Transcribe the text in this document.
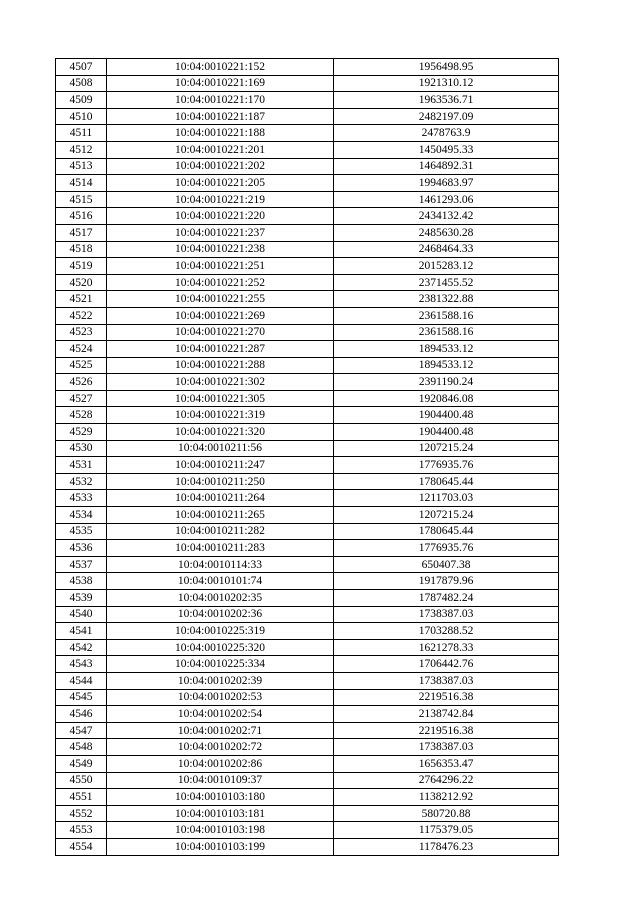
4507	10:04:0010221:152	1956498.95
4508	10:04:0010221:169	1921310.12
4509	10:04:0010221:170	1963536.71
4510	10:04:0010221:187	2482197.09
4511	10:04:0010221:188	2478763.9
4512	10:04:0010221:201	1450495.33
4513	10:04:0010221:202	1464892.31
4514	10:04:0010221:205	1994683.97
4515	10:04:0010221:219	1461293.06
4516	10:04:0010221:220	2434132.42
4517	10:04:0010221:237	2485630.28
4518	10:04:0010221:238	2468464.33
4519	10:04:0010221:251	2015283.12
4520	10:04:0010221:252	2371455.52
4521	10:04:0010221:255	2381322.88
4522	10:04:0010221:269	2361588.16
4523	10:04:0010221:270	2361588.16
4524	10:04:0010221:287	1894533.12
4525	10:04:0010221:288	1894533.12
4526	10:04:0010221:302	2391190.24
4527	10:04:0010221:305	1920846.08
4528	10:04:0010221:319	1904400.48
4529	10:04:0010221:320	1904400.48
4530	10:04:0010211:56	1207215.24
4531	10:04:0010211:247	1776935.76
4532	10:04:0010211:250	1780645.44
4533	10:04:0010211:264	1211703.03
4534	10:04:0010211:265	1207215.24
4535	10:04:0010211:282	1780645.44
4536	10:04:0010211:283	1776935.76
4537	10:04:0010114:33	650407.38
4538	10:04:0010101:74	1917879.96
4539	10:04:0010202:35	1787482.24
4540	10:04:0010202:36	1738387.03
4541	10:04:0010225:319	1703288.52
4542	10:04:0010225:320	1621278.33
4543	10:04:0010225:334	1706442.76
4544	10:04:0010202:39	1738387.03
4545	10:04:0010202:53	2219516.38
4546	10:04:0010202:54	2138742.84
4547	10:04:0010202:71	2219516.38
4548	10:04:0010202:72	1738387.03
4549	10:04:0010202:86	1656353.47
4550	10:04:0010109:37	2764296.22
4551	10:04:0010103:180	1138212.92
4552	10:04:0010103:181	580720.88
4553	10:04:0010103:198	1175379.05
4554	10:04:0010103:199	1178476.23
